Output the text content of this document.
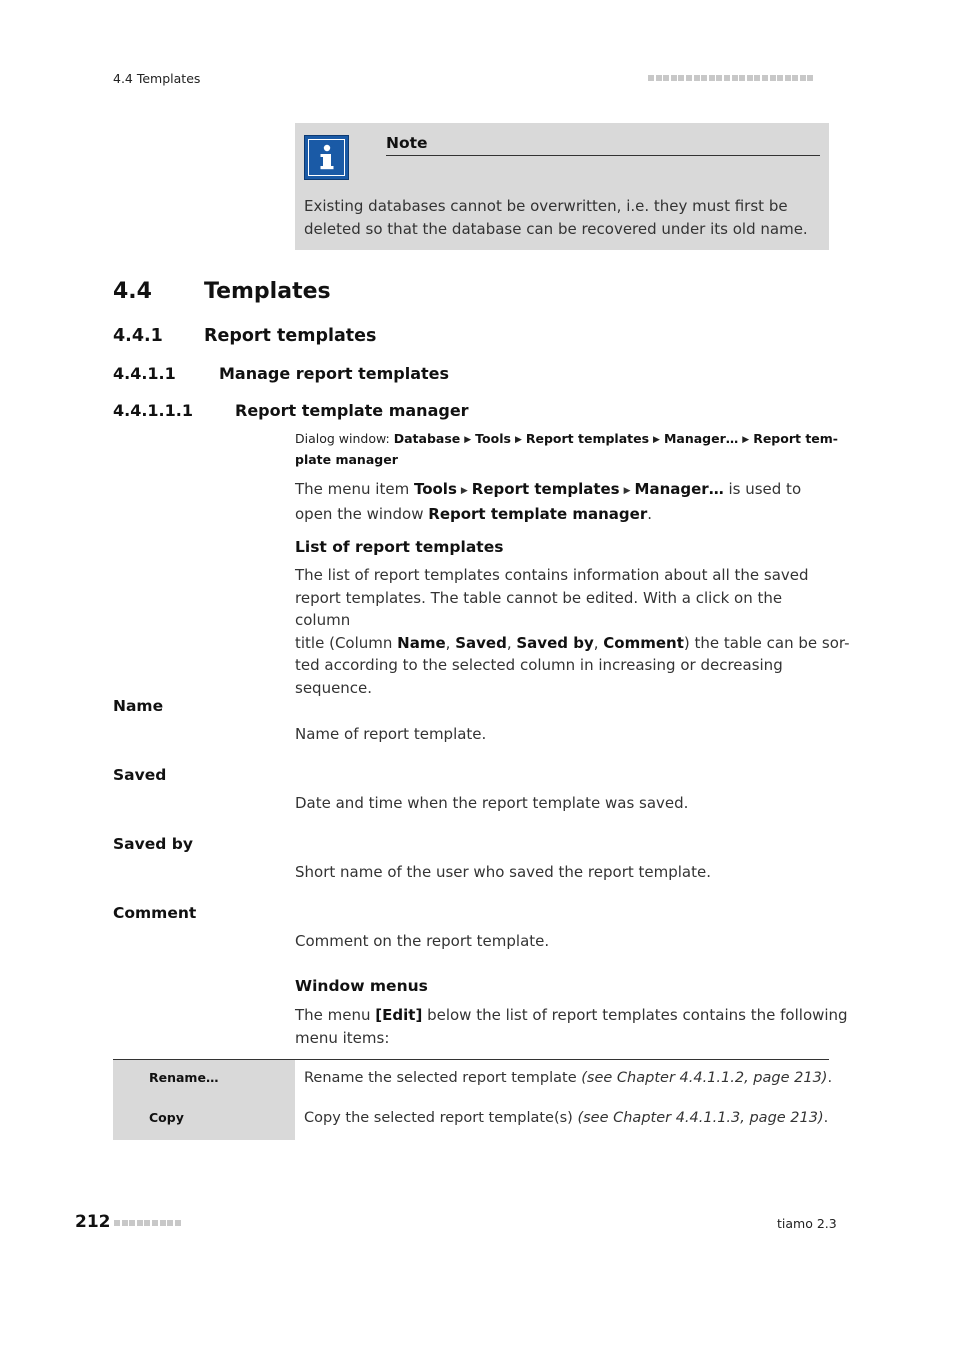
4.4 Templates
Note
Existing databases cannot be overwritten, i.e. they must first be deleted so that the database can be recovered under its old name.
4.4 Templates
4.4.1 Report templates
4.4.1.1	Manage report templates
4.4.1.1.1	Report template manager
Dialog window: Database ▶ Tools ▶ Report templates ▶ Manager… ▶ Report tem-
plate manager
The menu item Tools ▶ Report templates ▶ Manager… is used to
open the window Report template manager.
List of report templates
The list of report templates contains information about all the saved
report templates. The table cannot be edited. With a click on the column
title (Column Name, Saved, Saved by, Comment) the table can be sor-
ted according to the selected column in increasing or decreasing
sequence.
Name
Name of report template.
Saved
Date and time when the report template was saved.
Saved by
Short name of the user who saved the report template.
Comment
Comment on the report template.
Window menus
The menu [Edit] below the list of report templates contains the following
menu items:
Rename…	Rename the selected report template (see Chapter 4.4.1.1.2, page 213).
Copy	Copy the selected report template(s) (see Chapter 4.4.1.1.3, page 213).
212	tiamo 2.3
